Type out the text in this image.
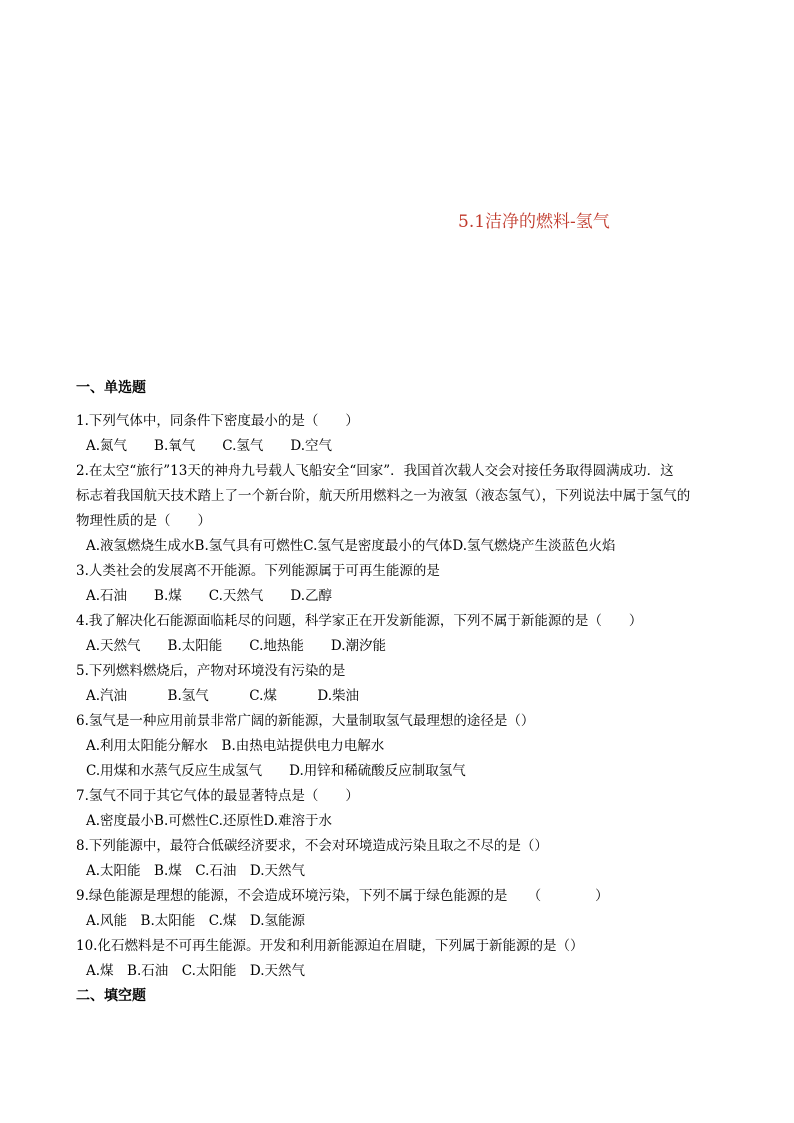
5.1洁净的燃料-氢气
一、单选题
1.下列气体中，同条件下密度最小的是（　　）
A.氮气　　B.氧气　　C.氢气　　D.空气
2.在太空“旅行”13天的神舟九号载人飞船安全“回家”．我国首次载人交会对接任务取得圆满成功．这
标志着我国航天技术踏上了一个新台阶，航天所用燃料之一为液氢（液态氢气），下列说法中属于氢气的
物理性质的是（　　）
A.液氢燃烧生成水B.氢气具有可燃性C.氢气是密度最小的气体D.氢气燃烧产生淡蓝色火焰
3.人类社会的发展离不开能源。下列能源属于可再生能源的是
A.石油　　B.煤　　C.天然气　　D.乙醇
4.我了解决化石能源面临耗尽的问题，科学家正在开发新能源，下列不属于新能源的是（　　）
A.天然气　　B.太阳能　　C.地热能　　D.潮汐能
5.下列燃料燃烧后，产物对环境没有污染的是
A.汽油　　　B.氢气　　　C.煤　　　D.柴油
6.氢气是一种应用前景非常广阔的新能源，大量制取氢气最理想的途径是（）
A.利用太阳能分解水　B.由热电站提供电力电解水
C.用煤和水蒸气反应生成氢气　　D.用锌和稀硫酸反应制取氢气
7.氢气不同于其它气体的最显著特点是（　　）
A.密度最小B.可燃性C.还原性D.难溶于水
8.下列能源中，最符合低碳经济要求，不会对环境造成污染且取之不尽的是（）
A.太阳能　B.煤　C.石油　D.天然气
9.绿色能源是理想的能源，不会造成环境污染，下列不属于绿色能源的是　　（　　　　）
A.风能　B.太阳能　C.煤　D.氢能源
10.化石燃料是不可再生能源。开发和利用新能源迫在眉睫，下列属于新能源的是（）
A.煤　B.石油　C.太阳能　D.天然气
二、填空题
